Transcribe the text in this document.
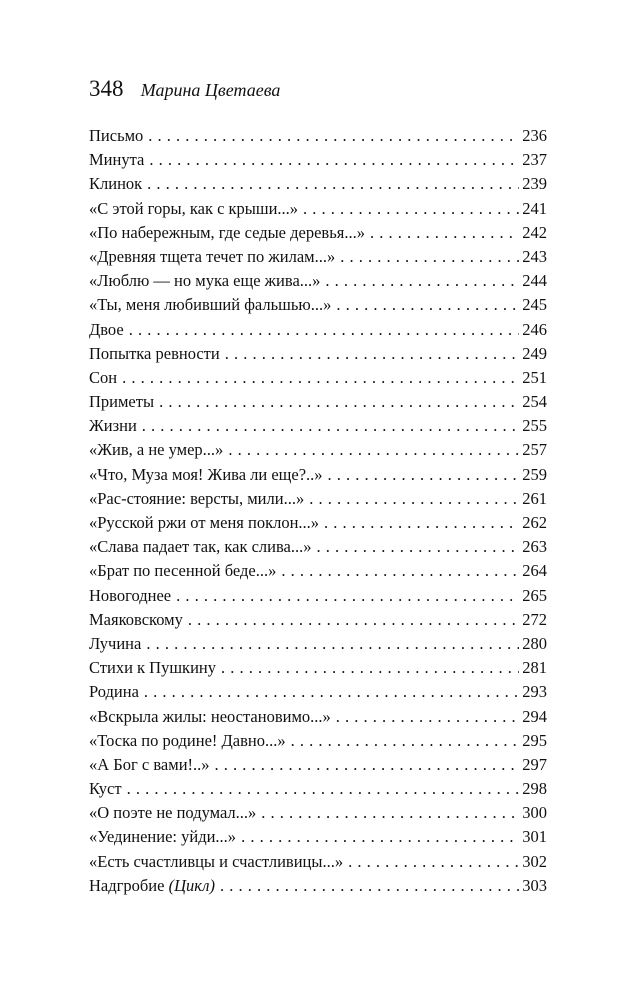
348 Марина Цветаева
Письмо . . .	236
Минута . . .	237
Клинок . . .	239
«С этой горы, как с крыши...» . . .	241
«По набережным, где седые деревья...» . . .	242
«Древняя тщета течет по жилам...» . . .	243
«Люблю — но мука еще жива...» . . .	244
«Ты, меня любивший фальшью...» . . .	245
Двое . . .	246
Попытка ревности . . .	249
Сон . . .	251
Приметы . . .	254
Жизни . . .	255
«Жив, а не умер...» . . .	257
«Что, Муза моя! Жива ли еще?..» . . .	259
«Рас-стояние: версты, мили...» . . .	261
«Русской ржи от меня поклон...» . . .	262
«Слава падает так, как слива...» . . .	263
«Брат по песенной беде...» . . .	264
Новогоднее . . .	265
Маяковскому . . .	272
Лучина . . .	280
Стихи к Пушкину . . .	281
Родина . . .	293
«Вскрыла жилы: неостановимо...» . . .	294
«Тоска по родине! Давно...» . . .	295
«А Бог с вами!..» . . .	297
Куст . . .	298
«О поэте не подумал...» . . .	300
«Уединение: уйди...» . . .	301
«Есть счастливцы и счастливицы...» . . .	302
Надгробие (Цикл) . . .	303
